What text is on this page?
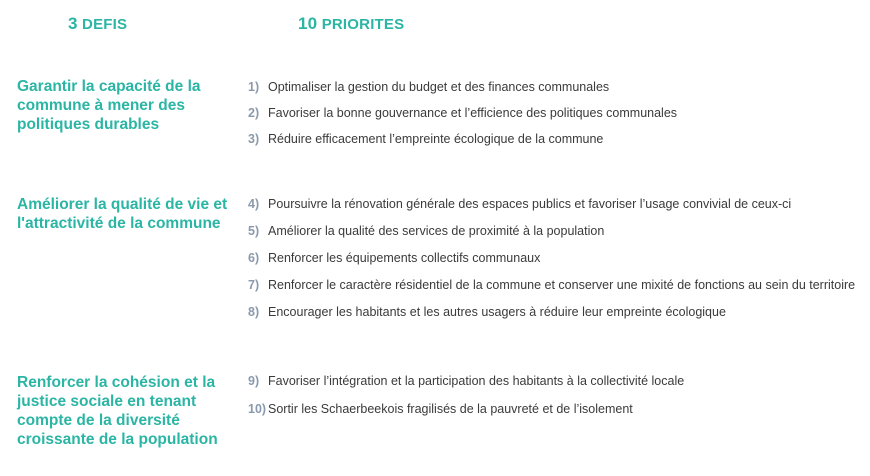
3 DEFIS	10 PRIORITES
Garantir la capacité de la commune à mener des politiques durables
Améliorer la qualité de vie et l'attractivité de la commune
Renforcer la cohésion et la justice sociale en tenant compte de la diversité croissante de la population
1) Optimaliser la gestion du budget et des finances communales
2) Favoriser la bonne gouvernance et l’efficience des politiques communales
3) Réduire efficacement l’empreinte écologique de la commune
4) Poursuivre la rénovation générale des espaces publics et favoriser l’usage convivial de ceux-ci
5) Améliorer la qualité des services de proximité à la population
6) Renforcer les équipements collectifs communaux
7) Renforcer le caractère résidentiel de la commune et conserver une mixité de fonctions au sein du territoire
8) Encourager les habitants et les autres usagers à réduire leur empreinte écologique
9) Favoriser l’intégration et la participation des habitants à la collectivité locale
10) Sortir les Schaerbeekois fragilisés de la pauvreté et de l’isolement
